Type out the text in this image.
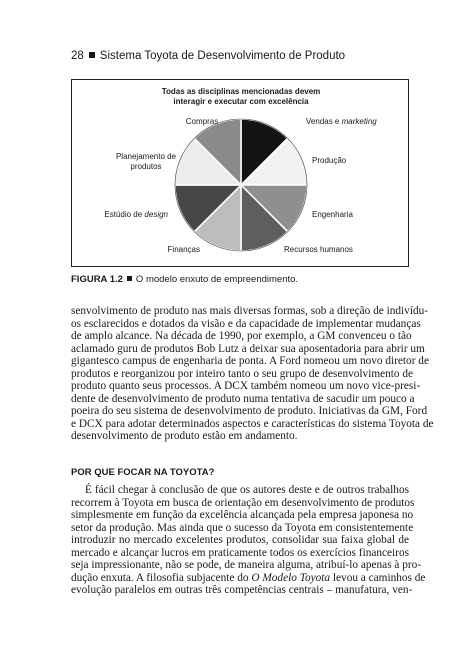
28 Sistema Toyota de Desenvolvimento de Produto
Todas as disciplinas mencionadas devem
interagir e executar com excelência
Vendas e marketing
Produção
Engenharia
Recursos humanos
Finanças
Estúdio de design
Planejamento de
produtos
Compras
FIGURA 1.2 O modelo enxuto de empreendimento.
senvolvimento de produto nas mais diversas formas, sob a direção de indivídu-
os esclarecidos e dotados da visão e da capacidade de implementar mudanças
de amplo alcance. Na década de 1990, por exemplo, a GM convenceu o tão
aclamado guru de produtos Bob Lutz a deixar sua aposentadoria para abrir um
gigantesco campus de engenharia de ponta. A Ford nomeou um novo diretor de
produtos e reorganizou por inteiro tanto o seu grupo de desenvolvimento de
produto quanto seus processos. A DCX também nomeou um novo vice-presi-
dente de desenvolvimento de produto numa tentativa de sacudir um pouco a
poeira do seu sistema de desenvolvimento de produto. Iniciativas da GM, Ford
e DCX para adotar determinados aspectos e características do sistema Toyota de
desenvolvimento de produto estão em andamento.
POR QUE FOCAR NA TOYOTA?
É fácil chegar à conclusão de que os autores deste e de outros trabalhos
recorrem à Toyota em busca de orientação em desenvolvimento de produtos
simplesmente em função da excelência alcançada pela empresa japonesa no
setor da produção. Mas ainda que o sucesso da Toyota em consistentemente
introduzir no mercado excelentes produtos, consolidar sua faixa global de
mercado e alcançar lucros em praticamente todos os exercícios financeiros
seja impressionante, não se pode, de maneira alguma, atribuí-lo apenas à pro-
dução enxuta. A filosofia subjacente do O Modelo Toyota levou a caminhos de
evolução paralelos em outras três competências centrais – manufatura, ven-
